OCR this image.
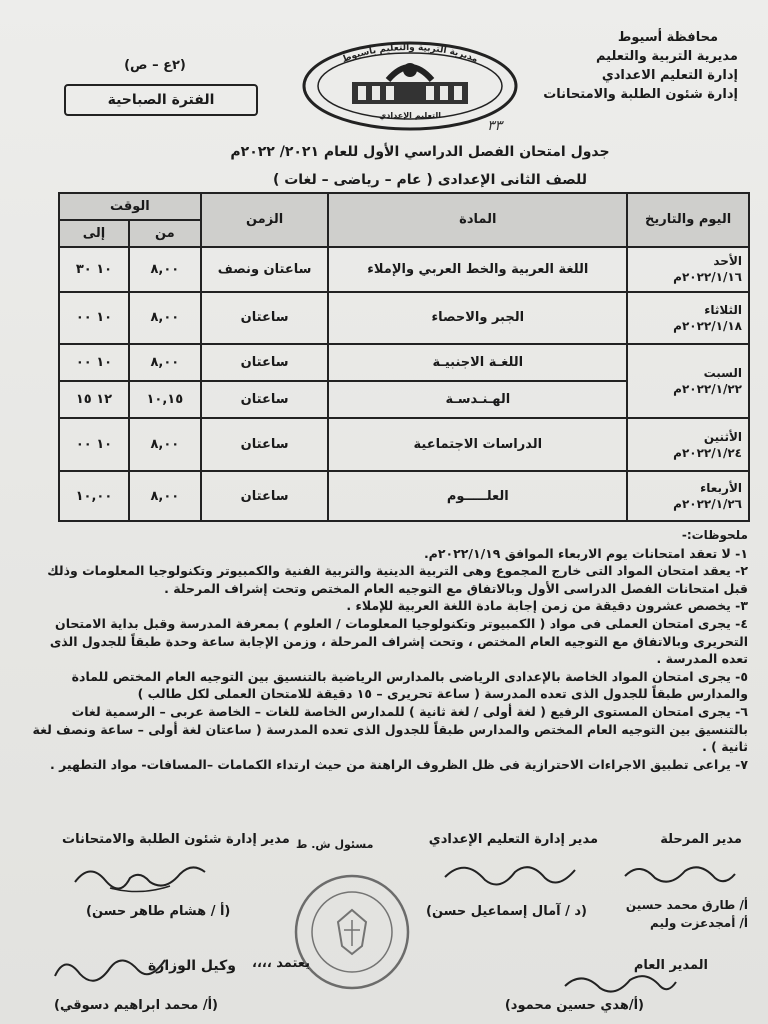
محافظة أسيوط
مديرية التربية والتعليم
إدارة التعليم الاعدادي
إدارة شئون الطلبة والامتحانات
مديرية التربية والتعليم بأسيوط
التعليم الإعدادي
(٢ع – ص)
الفترة الصباحية
٣٣
جدول امتحان الفصل الدراسي الأول للعام ٢٠٢١/ ٢٠٢٢م
للصف الثانى الإعدادى ( عام – رياضى – لغات )
اليوم والتاريخ	المادة	الزمن	الوقت	
			من	إلى

الأحد
٢٠٢٢/١/١٦م	اللغة العربية والخط العربي والإملاء	ساعتان ونصف	٨,٠٠	١٠ ٣٠

الثلاثاء
٢٠٢٢/١/١٨م	الجبر والاحصاء	ساعتان	٨,٠٠	١٠ ٠٠

السبت
٢٠٢٢/١/٢٢م	اللغـة الاجنبيـة	ساعتان	٨,٠٠	١٠ ٠٠
	الهـنـدسـة	ساعتان	١٠,١٥	١٢ ١٥

الأثنين
٢٠٢٢/١/٢٤م	الدراسات الاجتماعية	ساعتان	٨,٠٠	١٠ ٠٠

الأربعاء
٢٠٢٢/١/٢٦م	العلـــــوم	ساعتان	٨,٠٠	١٠,٠٠

ملحوظات:-

١- لا تعقد امتحانات يوم الاربعاء الموافق ٢٠٢٢/١/١٩م.

٢- يعقد امتحان المواد التى خارج المجموع وهى التربية الدينية والتربية الفنية والكمبيوتر وتكنولوجيا المعلومات وذلك قبل امتحانات الفصل الدراسى الأول وبالاتفاق مع التوجيه العام المختص وتحت إشراف المرحلة .

٣- يخصص عشرون دقيقة من زمن إجابة مادة اللغة العربية للإملاء .

٤- يجرى امتحان العملى فى مواد ( الكمبيوتر وتكنولوجيا المعلومات / العلوم ) بمعرفة المدرسة وقبل بداية الامتحان التحريرى وبالاتفاق مع التوجيه العام المختص ، وتحت إشراف المرحلة ، وزمن الإجابة ساعة وحدة طبقاً للجدول الذى تعده المدرسة .

٥- يجرى امتحان المواد الخاصة بالإعدادى الرياضى بالمدارس الرياضية بالتنسيق بين التوجيه العام المختص للمادة والمدارس طبقاً للجدول الذى تعده المدرسة ( ساعة تحريرى – ١٥ دقيقة للامتحان العملى لكل طالب )

٦- يجرى امتحان المستوى الرفيع ( لغة أولى / لغة ثانية ) للمدارس الخاصة للغات – الخاصة عربى – الرسمية لغات بالتنسيق بين التوجيه العام المختص والمدارس طبقاً للجدول الذى تعده المدرسة ( ساعتان لغة أولى – ساعة ونصف لغة ثانية ) .

٧- يراعى تطبيق الاجراءات الاحترازية فى ظل الظروف الراهنة من حيث ارتداء الكمامات –المسافات- مواد التطهير .

مدير المرحلة
مدير إدارة التعليم الإعدادي
مسئول ش. ط
مدير إدارة شئون الطلبة والامتحانات
(أ / هشام طاهر حسن)	(د / آمال إسماعيل حسن)	أ/ طارق محمد حسين
أ/ أمجدعزت وليم
يعتمد ،،،،
وكيل الوزارة
(أ/ محمد ابراهيم دسوقي)
المدير العام
(أ/هدي حسين محمود)
